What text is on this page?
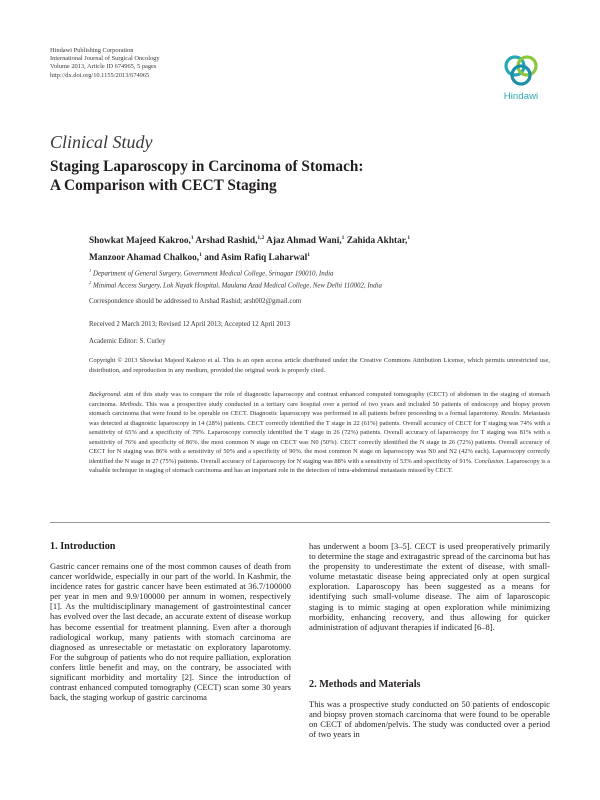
Hindawi Publishing Corporation
International Journal of Surgical Oncology
Volume 2013, Article ID 674965, 5 pages
http://dx.doi.org/10.1155/2013/674965
Hindawi
Clinical Study
Staging Laparoscopy in Carcinoma of Stomach:
A Comparison with CECT Staging
Showkat Majeed Kakroo,$^1$ Arshad Rashid,$^{1,2}$ Ajaz Ahmad Wani,$^1$ Zahida Akhtar,$^1$
Manzoor Ahamad Chalkoo,$^1$ and Asim Rafiq Laharwal$^1$
$^1$ Department of General Surgery, Government Medical College, Srinagar 190010, India
$^2$ Minimal Access Surgery, Lok Nayak Hospital, Maulana Azad Medical College, New Delhi 110002, India
Correspondence should be addressed to Arshad Rashid; arsh002@gmail.com
Received 2 March 2013; Revised 12 April 2013; Accepted 12 April 2013
Academic Editor: S. Curley
Copyright © 2013 Showkat Majeed Kakroo et al. This is an open access article distributed under the Creative Commons Attribution License, which permits unrestricted use, distribution, and reproduction in any medium, provided the original work is properly cited.
Background. aim of this study was to compare the role of diagnostic laparoscopy and contrast enhanced computed tomography (CECT) of abdomen in the staging of stomach carcinoma. Methods. This was a prospective study conducted in a tertiary care hospital over a period of two years and included 50 patients of endoscopy and biopsy proven stomach carcinoma that were found to be operable on CECT. Diagnostic laparoscopy was performed in all patients before proceeding to a formal laparotomy. Results. Metastasis was detected at diagnostic laparoscopy in 14 (28%) patients. CECT correctly identified the T stage in 22 (61%) patients. Overall accuracy of CECT for T staging was 74% with a sensitivity of 65% and a specificity of 79%. Laparoscopy correctly identified the T stage in 26 (72%) patients. Overall accuracy of laparoscopy for T staging was 81% with a sensitivity of 76% and specificity of 86%. the most common N stage on CECT was N0 (50%). CECT correctly identified the N stage in 26 (72%) patients. Overall accuracy of CECT for N staging was 86% with a sensitivity of 50% and a specificity of 90%. the most common N stage on laparoscopy was N0 and N2 (42% each). Laparoscopy correctly identified the N stage in 27 (75%) patients. Overall accuracy of Laparoscopy for N staging was 88% with a sensitivity of 53% and specificity of 91%. Conclusion. Laparoscopy is a valuable technique in staging of stomach carcinoma and has an important role in the detection of intra-abdominal metastasis missed by CECT.
1. Introduction
Gastric cancer remains one of the most common causes of death from cancer worldwide, especially in our part of the world. In Kashmir, the incidence rates for gastric cancer have been estimated at 36.7/100000 per year in men and 9.9/100000 per annum in women, respectively [1]. As the multidisciplinary management of gastrointestinal cancer has evolved over the last decade, an accurate extent of disease workup has become essential for treatment planning. Even after a thorough radiological workup, many patients with stomach carcinoma are diagnosed as unresectable or metastatic on exploratory laparotomy. For the subgroup of patients who do not require palliation, exploration confers little benefit and may, on the contrary, be associated with significant morbidity and mortality [2]. Since the introduction of contrast enhanced computed tomography (CECT) scan some 30 years back, the staging workup of gastric carcinoma
has underwent a boom [3–5]. CECT is used preoperatively primarily to determine the stage and extragastric spread of the carcinoma but has the propensity to underestimate the extent of disease, with small-volume metastatic disease being appreciated only at open surgical exploration. Laparoscopy has been suggested as a means for identifying such small-volume disease. The aim of laparoscopic staging is to mimic staging at open exploration while minimizing morbidity, enhancing recovery, and thus allowing for quicker administration of adjuvant therapies if indicated [6–8].
2. Methods and Materials
This was a prospective study conducted on 50 patients of endoscopic and biopsy proven stomach carcinoma that were found to be operable on CECT of abdomen/pelvis. The study was conducted over a period of two years in
